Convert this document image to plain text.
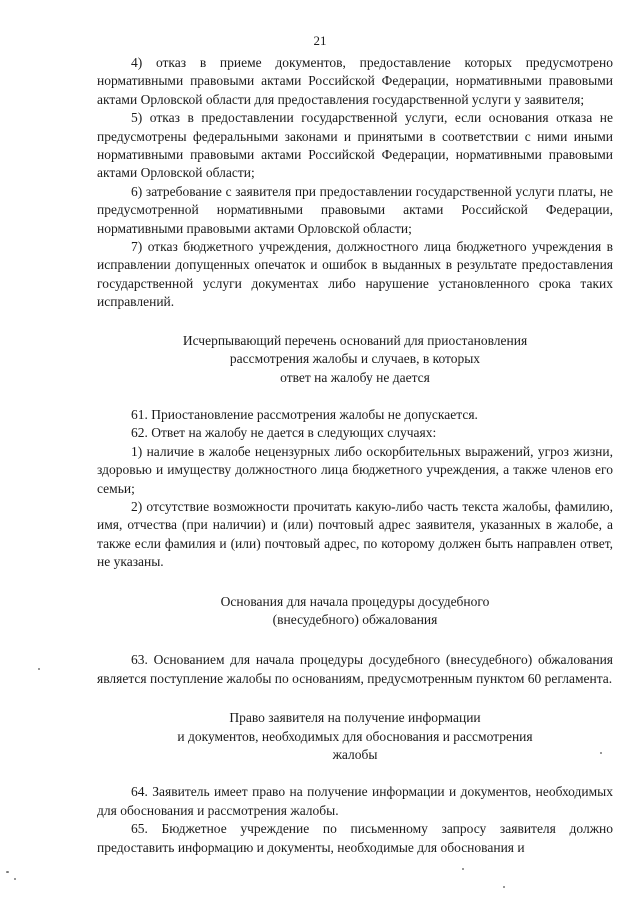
21

4) отказ в приеме документов, предоставление которых предусмотрено нормативными правовыми актами Российской Федерации, нормативными правовыми актами Орловской области для предоставления государственной услуги у заявителя;

5) отказ в предоставлении государственной услуги, если основания отказа не предусмотрены федеральными законами и принятыми в соответствии с ними иными нормативными правовыми актами Российской Федерации, нормативными правовыми актами Орловской области;

6) затребование с заявителя при предоставлении государственной услуги платы, не предусмотренной нормативными правовыми актами Российской Федерации, нормативными правовыми актами Орловской области;

7) отказ бюджетного учреждения, должностного лица бюджетного учреждения в исправлении допущенных опечаток и ошибок в выданных в результате предоставления государственной услуги документах либо нарушение установленного срока таких исправлений.

Исчерпывающий перечень оснований для приостановления
рассмотрения жалобы и случаев, в которых
ответ на жалобу не дается

61. Приостановление рассмотрения жалобы не допускается.

62. Ответ на жалобу не дается в следующих случаях:

1) наличие в жалобе нецензурных либо оскорбительных выражений, угроз жизни, здоровью и имуществу должностного лица бюджетного учреждения, а также членов его семьи;

2) отсутствие возможности прочитать какую-либо часть текста жалобы, фамилию, имя, отчества (при наличии) и (или) почтовый адрес заявителя, указанных в жалобе, а также если фамилия и (или) почтовый адрес, по которому должен быть направлен ответ, не указаны.

Основания для начала процедуры досудебного
(внесудебного) обжалования

63. Основанием для начала процедуры досудебного (внесудебного) обжалования является поступление жалобы по основаниям, предусмотренным пунктом 60 регламента.

Право заявителя на получение информации
и документов, необходимых для обоснования и рассмотрения
жалобы

64. Заявитель имеет право на получение информации и документов, необходимых для обоснования и рассмотрения жалобы.

65. Бюджетное учреждение по письменному запросу заявителя должно предоставить информацию и документы, необходимые для обоснования и
